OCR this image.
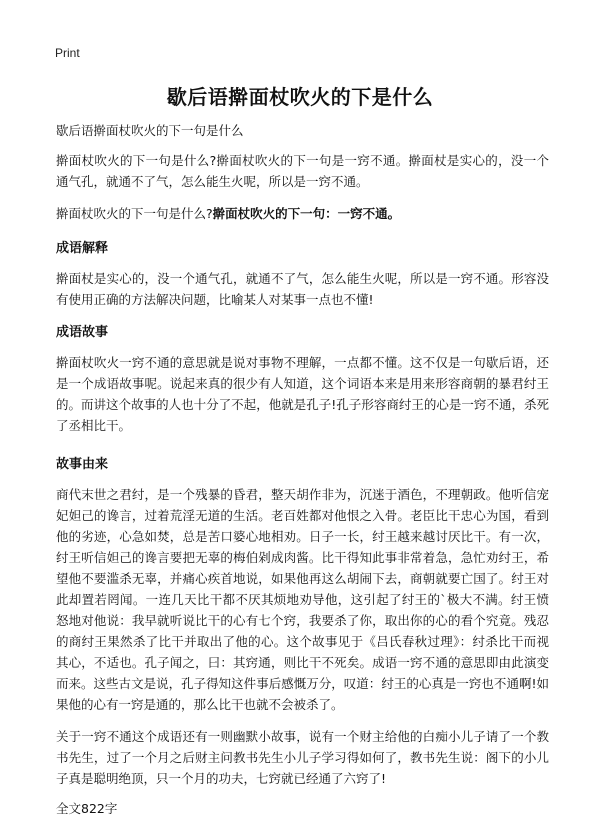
Print
歇后语擀面杖吹火的下是什么

歇后语擀面杖吹火的下一句是什么

擀面杖吹火的下一句是什么?擀面杖吹火的下一句是一窍不通。擀面杖是实心的，没一个通气孔，就通不了气，怎么能生火呢，所以是一窍不通。

擀面杖吹火的下一句是什么?擀面杖吹火的下一句：一窍不通。

成语解释

擀面杖是实心的，没一个通气孔，就通不了气，怎么能生火呢，所以是一窍不通。形容没有使用正确的方法解决问题，比喻某人对某事一点也不懂!

成语故事

擀面杖吹火一窍不通的意思就是说对事物不理解，一点都不懂。这不仅是一句歇后语，还是一个成语故事呢。说起来真的很少有人知道，这个词语本来是用来形容商朝的暴君纣王的。而讲这个故事的人也十分了不起，他就是孔子!孔子形容商纣王的心是一窍不通，杀死了丞相比干。

故事由来

商代末世之君纣，是一个残暴的昏君，整天胡作非为，沉迷于酒色，不理朝政。他听信宠妃妲己的谗言，过着荒淫无道的生活。老百姓都对他恨之入骨。老臣比干忠心为国，看到他的劣迹，心急如焚，总是苦口婆心地相劝。日子一长，纣王越来越讨厌比干。有一次，纣王听信妲己的谗言要把无辜的梅伯剁成肉酱。比干得知此事非常着急，急忙劝纣王，希望他不要滥杀无辜，并痛心疾首地说，如果他再这么胡闹下去，商朝就要亡国了。纣王对此却置若罔闻。一连几天比干都不厌其烦地劝导他，这引起了纣王的`极大不满。纣王愤怒地对他说：我早就听说比干的心有七个窍，我要杀了你，取出你的心的看个究竟。残忍的商纣王果然杀了比干并取出了他的心。这个故事见于《吕氏春秋过理》：纣杀比干而视其心，不适也。孔子闻之，曰：其窍通，则比干不死矣。成语一窍不通的意思即由此演变而来。这些古文是说，孔子得知这件事后感慨万分，叹道：纣王的心真是一窍也不通啊!如果他的心有一窍是通的，那么比干也就不会被杀了。

关于一窍不通这个成语还有一则幽默小故事，说有一个财主给他的白痴小儿子请了一个教书先生，过了一个月之后财主问教书先生小儿子学习得如何了，教书先生说：阁下的小儿子真是聪明绝顶，只一个月的功夫，七窍就已经通了六窍了!

全文822字
